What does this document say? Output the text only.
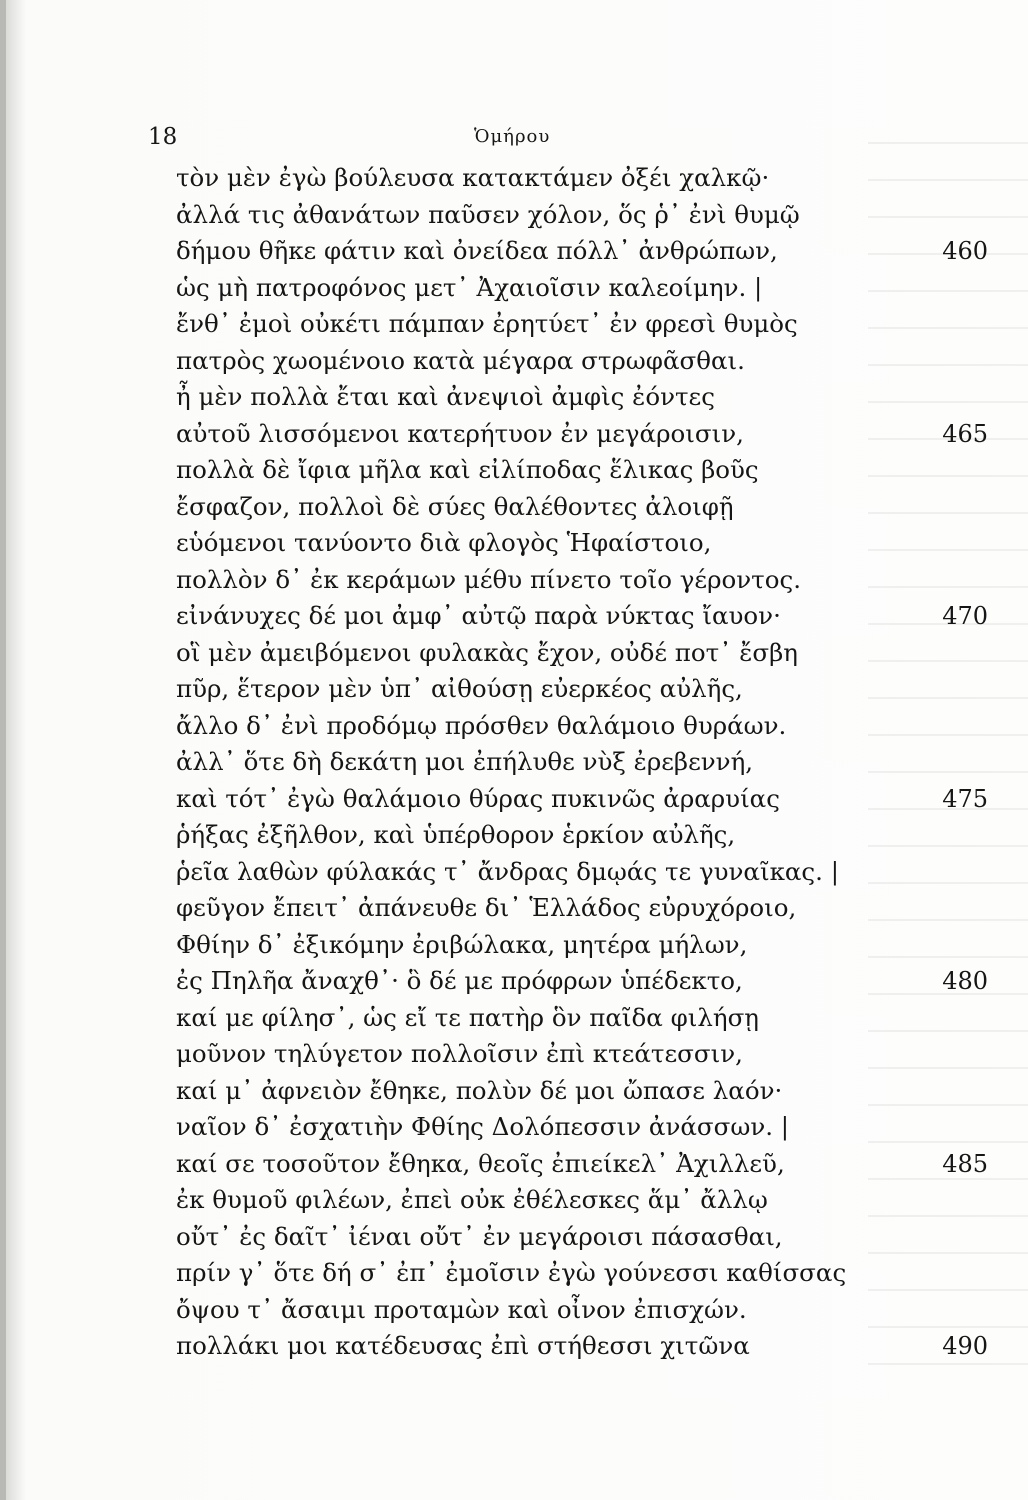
18	Ὁμήρου
τὸν μὲν ἐγὼ βούλευσα κατακτάμεν ὀξέι χαλκῷ·
ἀλλά τις ἀθανάτων παῦσεν χόλον, ὅς ῥ᾽ ἐνὶ θυμῷ
δήμου θῆκε φάτιν καὶ ὀνείδεα πόλλ᾽ ἀνθρώπων,	460
ὡς μὴ πατροφόνος μετ᾽ Ἀχαιοῖσιν καλεοίμην. |
ἔνθ᾽ ἐμοὶ οὐκέτι πάμπαν ἐρητύετ᾽ ἐν φρεσὶ θυμὸς
πατρὸς χωομένοιο κατὰ μέγαρα στρωφᾶσθαι.
ἦ μὲν πολλὰ ἔται καὶ ἀνεψιοὶ ἀμφὶς ἐόντες
αὐτοῦ λισσόμενοι κατερήτυον ἐν μεγάροισιν,	465
πολλὰ δὲ ἴφια μῆλα καὶ εἰλίποδας ἕλικας βοῦς
ἔσφαζον, πολλοὶ δὲ σύες θαλέθοντες ἀλοιφῇ
εὑόμενοι τανύοντο διὰ φλογὸς Ἡφαίστοιο,
πολλὸν δ᾽ ἐκ κεράμων μέθυ πίνετο τοῖο γέροντος.
εἰνάνυχες δέ μοι ἀμφ᾽ αὐτῷ παρὰ νύκτας ἴαυον·	470
οἳ μὲν ἀμειβόμενοι φυλακὰς ἔχον, οὐδέ ποτ᾽ ἔσβη
πῦρ, ἕτερον μὲν ὑπ᾽ αἰθούσῃ εὐερκέος αὐλῆς,
ἄλλο δ᾽ ἐνὶ προδόμῳ πρόσθεν θαλάμοιο θυράων.
ἀλλ᾽ ὅτε δὴ δεκάτη μοι ἐπήλυθε νὺξ ἐρεβεννή,
καὶ τότ᾽ ἐγὼ θαλάμοιο θύρας πυκινῶς ἀραρυίας	475
ῥήξας ἐξῆλθον, καὶ ὑπέρθορον ἑρκίον αὐλῆς,
ῥεῖα λαθὼν φύλακάς τ᾽ ἄνδρας δμῳάς τε γυναῖκας. |
φεῦγον ἔπειτ᾽ ἀπάνευθε δι᾽ Ἑλλάδος εὐρυχόροιο,
Φθίην δ᾽ ἐξικόμην ἐριβώλακα, μητέρα μήλων,
ἐς Πηλῆα ἄναχθ᾽· ὃ δέ με πρόφρων ὑπέδεκτο,	480
καί με φίλησ᾽, ὡς εἴ τε πατὴρ ὃν παῖδα φιλήσῃ
μοῦνον τηλύγετον πολλοῖσιν ἐπὶ κτεάτεσσιν,
καί μ᾽ ἀφνειὸν ἔθηκε, πολὺν δέ μοι ὤπασε λαόν·
ναῖον δ᾽ ἐσχατιὴν Φθίης Δολόπεσσιν ἀνάσσων. |
καί σε τοσοῦτον ἔθηκα, θεοῖς ἐπιείκελ᾽ Ἀχιλλεῦ,	485
ἐκ θυμοῦ φιλέων, ἐπεὶ οὐκ ἐθέλεσκες ἅμ᾽ ἄλλῳ
οὔτ᾽ ἐς δαῖτ᾽ ἰέναι οὔτ᾽ ἐν μεγάροισι πάσασθαι,
πρίν γ᾽ ὅτε δή σ᾽ ἐπ᾽ ἐμοῖσιν ἐγὼ γούνεσσι καθίσσας
ὄψου τ᾽ ἄσαιμι προταμὼν καὶ οἶνον ἐπισχών.
πολλάκι μοι κατέδευσας ἐπὶ στήθεσσι χιτῶνα	490
